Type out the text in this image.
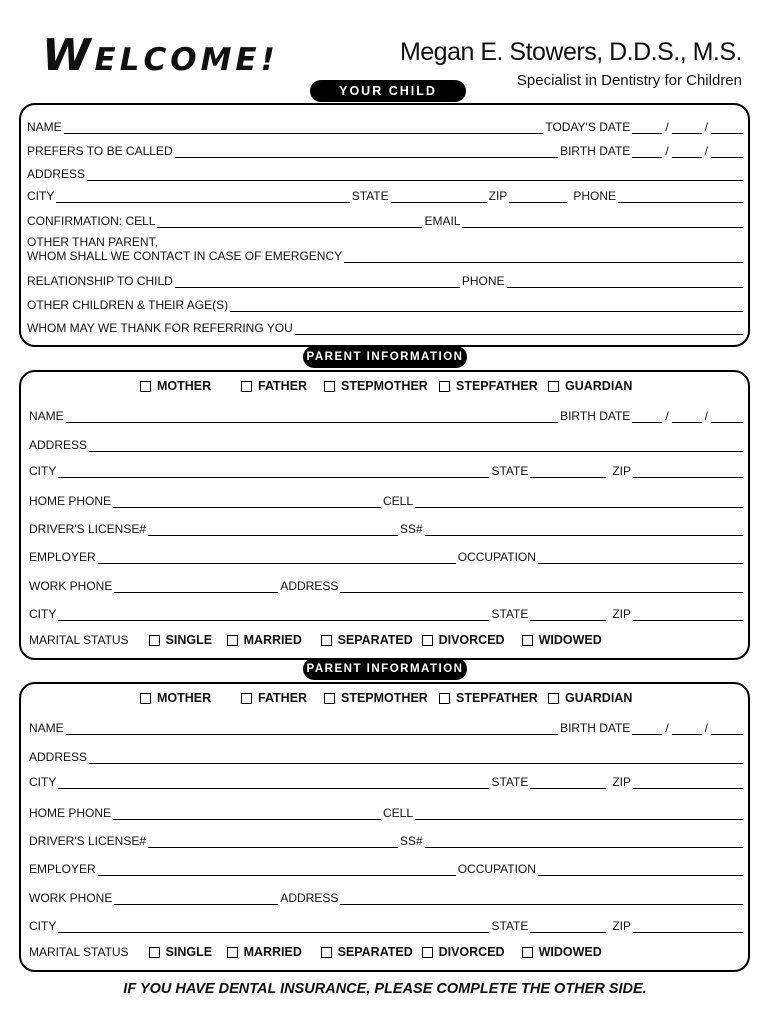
WELCOME!	Megan E. Stowers, D.D.S., M.S.
Specialist in Dentistry for Children
YOUR CHILD
NAME	TODAY'S DATE	/	/
PREFERS TO BE CALLED	BIRTH DATE	/	/
ADDRESS
CITY	STATE	ZIP	PHONE
CONFIRMATION: CELL	EMAIL
OTHER THAN PARENT,
WHOM SHALL WE CONTACT IN CASE OF EMERGENCY
RELATIONSHIP TO CHILD	PHONE
OTHER CHILDREN & THEIR AGE(S)
WHOM MAY WE THANK FOR REFERRING YOU
PARENT INFORMATION
MOTHER	FATHER	STEPMOTHER STEPFATHER GUARDIAN
NAME	BIRTH DATE	/	/
ADDRESS
CITY	STATE	ZIP
HOME PHONE	CELL
DRIVER'S LICENSE#	SS#
EMPLOYER	OCCUPATION
WORK PHONE	ADDRESS
CITY	STATE	ZIP
MARITAL STATUS	SINGLE	MARRIED	SEPARATED DIVORCED	WIDOWED
PARENT INFORMATION
MOTHER	FATHER	STEPMOTHER STEPFATHER GUARDIAN
NAME	BIRTH DATE	/	/
ADDRESS
CITY	STATE	ZIP
HOME PHONE	CELL
DRIVER'S LICENSE#	SS#
EMPLOYER	OCCUPATION
WORK PHONE	ADDRESS
CITY	STATE	ZIP
MARITAL STATUS	SINGLE	MARRIED	SEPARATED DIVORCED	WIDOWED
IF YOU HAVE DENTAL INSURANCE, PLEASE COMPLETE THE OTHER SIDE.
